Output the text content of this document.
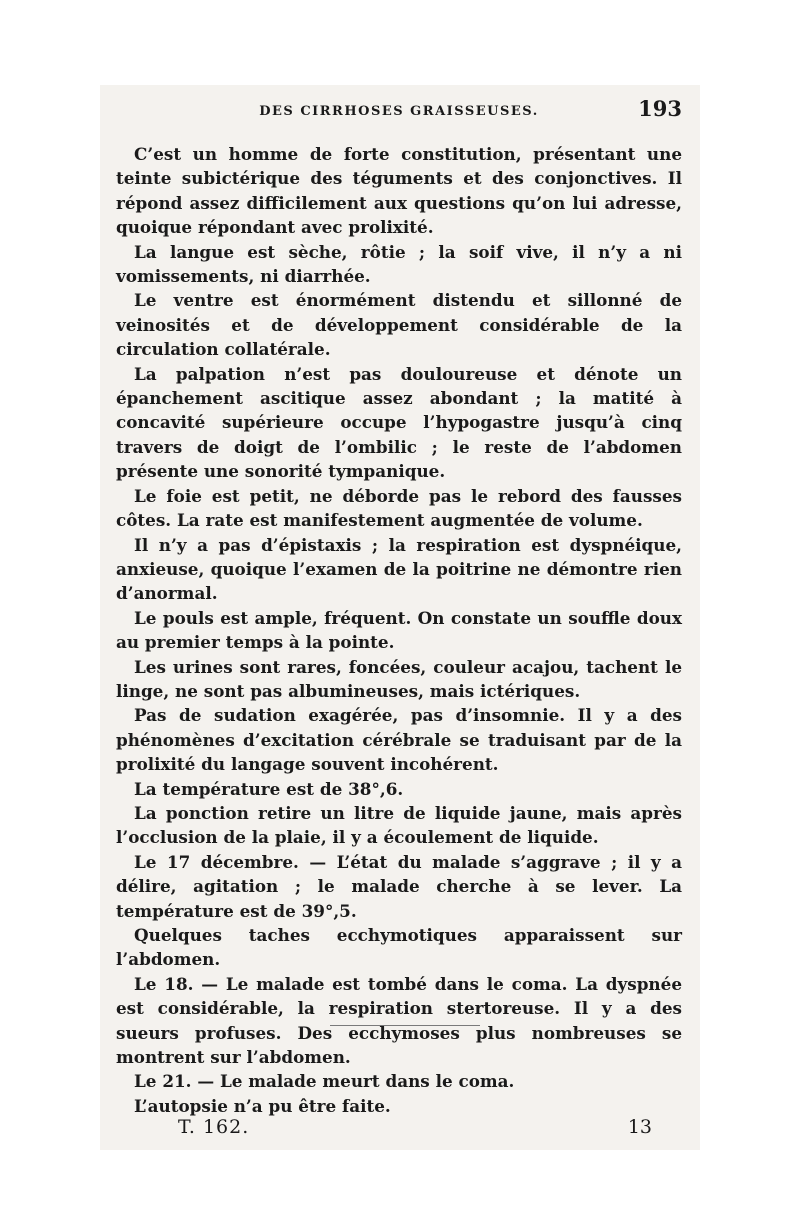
DES CIRRHOSES GRAISSEUSES.	193

C’est un homme de forte constitution, présentant une teinte subictérique des téguments et des conjonctives. Il répond assez difficilement aux questions qu’on lui adresse, quoique répondant avec prolixité.

La langue est sèche, rôtie ; la soif vive, il n’y a ni vomissements, ni diarrhée.

Le ventre est énormément distendu et sillonné de veinosités et de développement considérable de la circulation collatérale.

La palpation n’est pas douloureuse et dénote un épanchement ascitique assez abondant ; la matité à concavité supérieure occupe l’hypogastre jusqu’à cinq travers de doigt de l’ombilic ; le reste de l’abdomen présente une sonorité tympanique.

Le foie est petit, ne déborde pas le rebord des fausses côtes. La rate est manifestement augmentée de volume.

Il n’y a pas d’épistaxis ; la respiration est dyspnéique, anxieuse, quoique l’examen de la poitrine ne démontre rien d’anormal.

Le pouls est ample, fréquent. On constate un souffle doux au premier temps à la pointe.

Les urines sont rares, foncées, couleur acajou, tachent le linge, ne sont pas albumineuses, mais ictériques.

Pas de sudation exagérée, pas d’insomnie. Il y a des phénomènes d’excitation cérébrale se traduisant par de la prolixité du langage souvent incohérent.

La température est de 38°,6.

La ponction retire un litre de liquide jaune, mais après l’occlusion de la plaie, il y a écoulement de liquide.

Le 17 décembre. — L’état du malade s’aggrave ; il y a délire, agitation ; le malade cherche à se lever. La température est de 39°,5.

Quelques taches ecchymotiques apparaissent sur l’abdomen.

Le 18. — Le malade est tombé dans le coma. La dyspnée est considérable, la respiration stertoreuse. Il y a des sueurs profuses. Des ecchymoses plus nombreuses se montrent sur l’abdomen.

Le 21. — Le malade meurt dans le coma.

L’autopsie n’a pu être faite.

T. 162.	13
